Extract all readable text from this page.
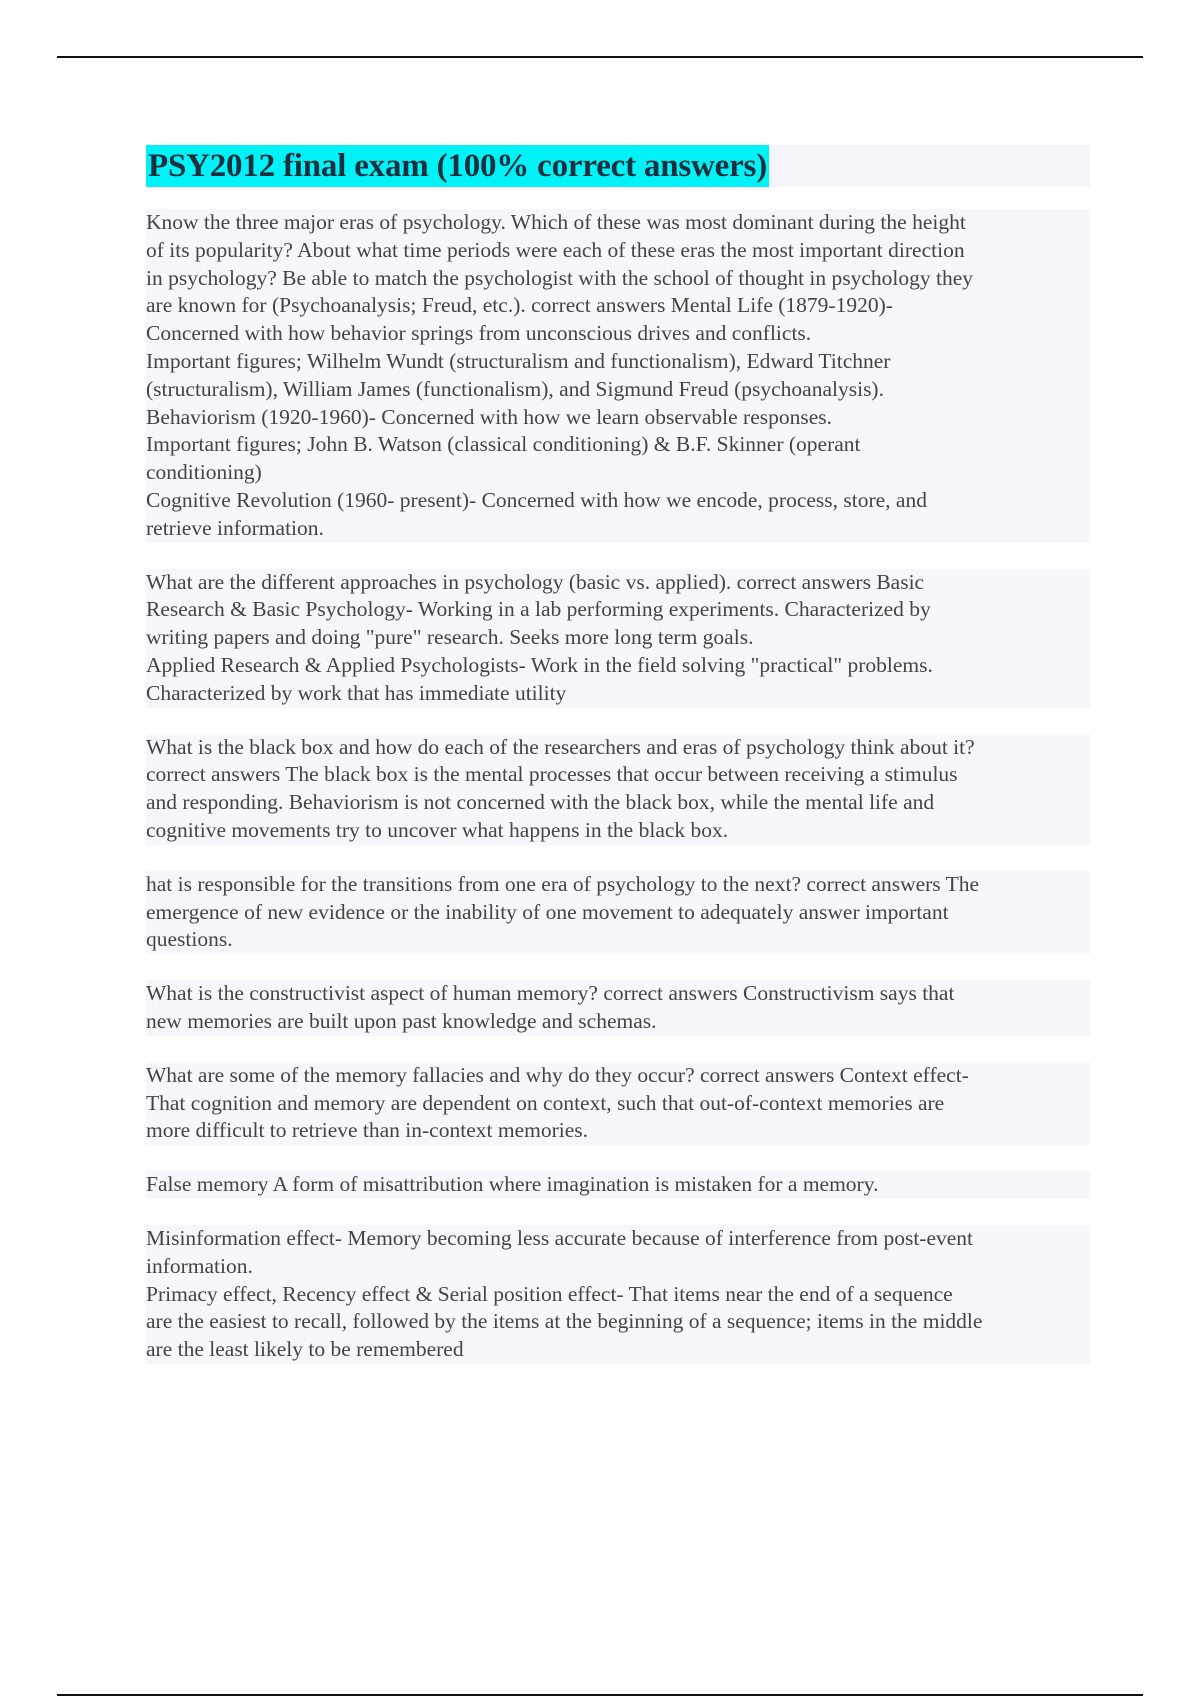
PSY2012 final exam (100% correct answers)
Know the three major eras of psychology. Which of these was most dominant during the height
of its popularity? About what time periods were each of these eras the most important direction
in psychology? Be able to match the psychologist with the school of thought in psychology they
are known for (Psychoanalysis; Freud, etc.). correct answers Mental Life (1879-1920)-
Concerned with how behavior springs from unconscious drives and conflicts.
Important figures; Wilhelm Wundt (structuralism and functionalism), Edward Titchner
(structuralism), William James (functionalism), and Sigmund Freud (psychoanalysis).
Behaviorism (1920-1960)- Concerned with how we learn observable responses.
Important figures; John B. Watson (classical conditioning) & B.F. Skinner (operant
conditioning)
Cognitive Revolution (1960- present)- Concerned with how we encode, process, store, and
retrieve information.
What are the different approaches in psychology (basic vs. applied). correct answers Basic
Research & Basic Psychology- Working in a lab performing experiments. Characterized by
writing papers and doing "pure" research. Seeks more long term goals.
Applied Research & Applied Psychologists- Work in the field solving "practical" problems.
Characterized by work that has immediate utility
What is the black box and how do each of the researchers and eras of psychology think about it?
correct answers The black box is the mental processes that occur between receiving a stimulus
and responding. Behaviorism is not concerned with the black box, while the mental life and
cognitive movements try to uncover what happens in the black box.
hat is responsible for the transitions from one era of psychology to the next? correct answers The
emergence of new evidence or the inability of one movement to adequately answer important
questions.
What is the constructivist aspect of human memory? correct answers Constructivism says that
new memories are built upon past knowledge and schemas.
What are some of the memory fallacies and why do they occur? correct answers Context effect-
That cognition and memory are dependent on context, such that out-of-context memories are
more difficult to retrieve than in-context memories.
False memory A form of misattribution where imagination is mistaken for a memory.
Misinformation effect- Memory becoming less accurate because of interference from post-event
information.
Primacy effect, Recency effect & Serial position effect- That items near the end of a sequence
are the easiest to recall, followed by the items at the beginning of a sequence; items in the middle
are the least likely to be remembered
